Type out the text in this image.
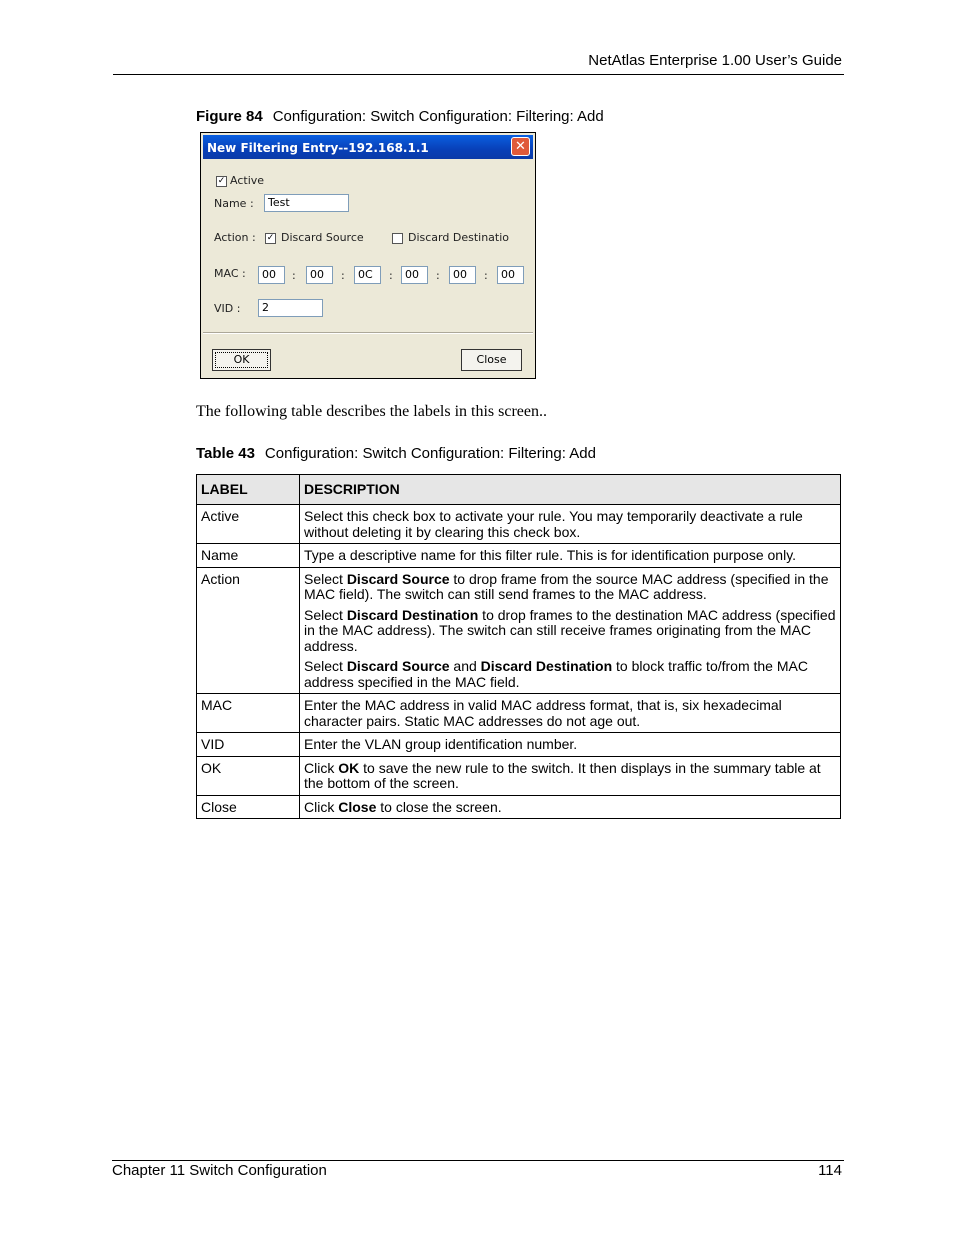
NetAtlas Enterprise 1.00 User’s Guide
Figure 84 Configuration: Switch Configuration: Filtering: Add
New Filtering Entry--192.168.1.1	✕
✓ Active
Name :	Test
Action : ✓ Discard Source	Discard Destinatio
MAC :	00	:	00	:	0C	:	00	:	00	:	00
VID :	2
OK	Close
The following table describes the labels in this screen..
Table 43 Configuration: Switch Configuration: Filtering: Add
LABEL	DESCRIPTION
Active	Select this check box to activate your rule. You may temporarily deactivate a rule without deleting it by clearing this check box.
Name	Type a descriptive name for this filter rule. This is for identification purpose only.
Action	Select Discard Source to drop frame from the source MAC address (specified in the MAC field). The switch can still send frames to the MAC address.

Select Discard Destination to drop frames to the destination MAC address (specified in the MAC address). The switch can still receive frames originating from the MAC address.

Select Discard Source and Discard Destination to block traffic to/from the MAC address specified in the MAC field.

MAC	Enter the MAC address in valid MAC address format, that is, six hexadecimal character pairs. Static MAC addresses do not age out.
VID	Enter the VLAN group identification number.
OK	Click OK to save the new rule to the switch. It then displays in the summary table at the bottom of the screen.
Close	Click Close to close the screen.
Chapter 11 Switch Configuration	114
